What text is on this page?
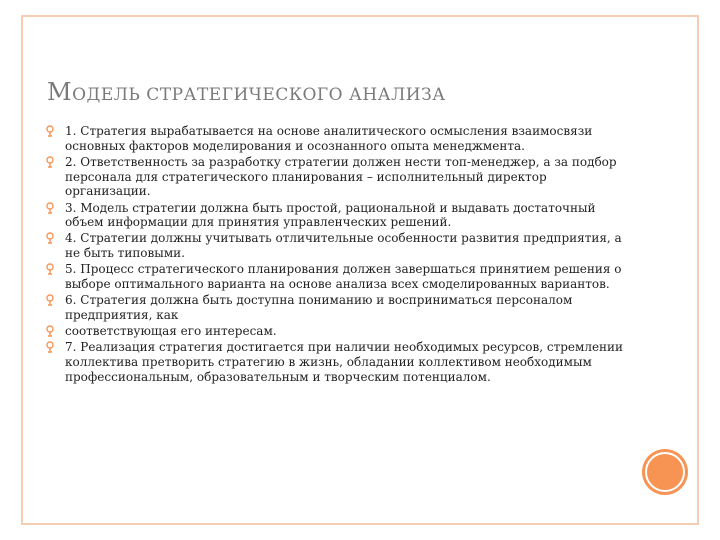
МОДЕЛЬ СТРАТЕГИЧЕСКОГО АНАЛИЗА
1. Стратегия вырабатывается на основе аналитического осмысления взаимосвязи основных факторов моделирования и осознанного опыта менеджмента.
2. Ответственность за разработку стратегии должен нести топ-менеджер, а за подбор персонала для стратегического планирования – исполнительный директор организации.
3. Модель стратегии должна быть простой, рациональной и выдавать достаточный объем информации для принятия управленческих решений.
4. Стратегии должны учитывать отличительные особенности развития предприятия, а не быть типовыми.
5. Процесс стратегического планирования должен завершаться принятием решения о выборе оптимального варианта на основе анализа всех смоделированных вариантов.
6. Стратегия должна быть доступна пониманию и восприниматься персоналом предприятия, как
соответствующая его интересам.
7. Реализация стратегия достигается при наличии необходимых ресурсов, стремлении коллектива претворить стратегию в жизнь, обладании коллективом необходимым профессиональным, образовательным и творческим потенциалом.
